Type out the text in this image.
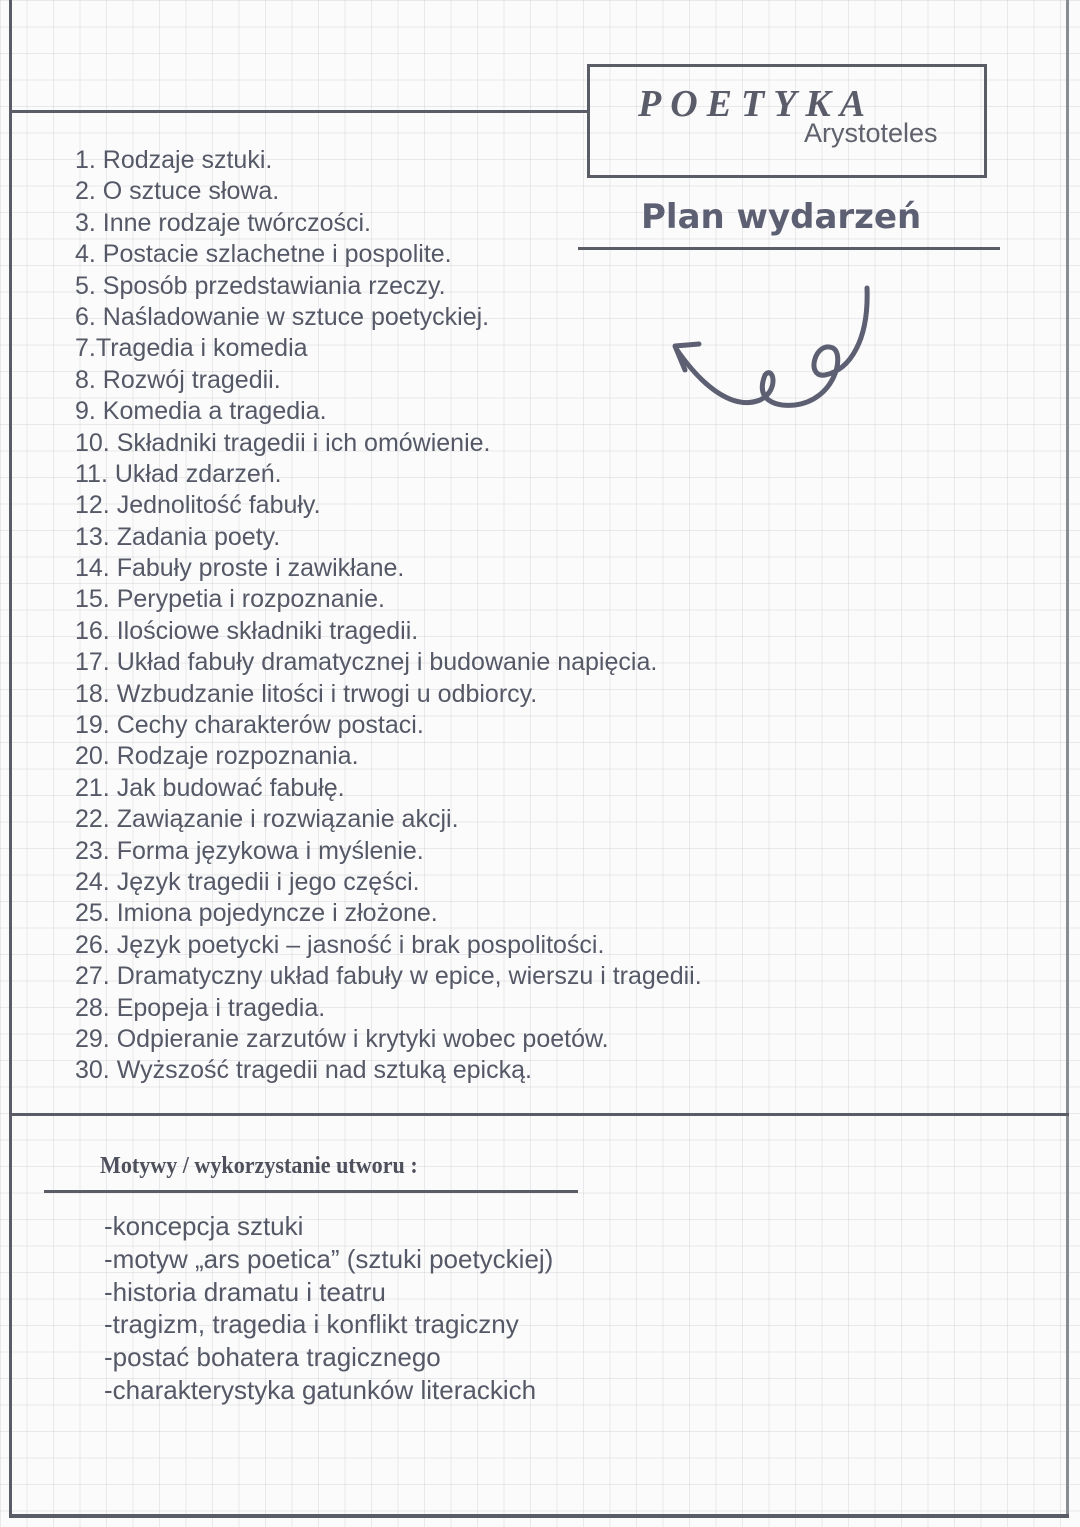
POETYKA
Arystoteles
Plan wydarzeń
1. Rodzaje sztuki.
2. O sztuce słowa.
3. Inne rodzaje twórczości.
4. Postacie szlachetne i pospolite.
5. Sposób przedstawiania rzeczy.
6. Naśladowanie w sztuce poetyckiej.
7.Tragedia i komedia
8. Rozwój tragedii.
9. Komedia a tragedia.
10. Składniki tragedii i ich omówienie.
11. Układ zdarzeń.
12. Jednolitość fabuły.
13. Zadania poety.
14. Fabuły proste i zawikłane.
15. Perypetia i rozpoznanie.
16. Ilościowe składniki tragedii.
17. Układ fabuły dramatycznej i budowanie napięcia.
18. Wzbudzanie litości i trwogi u odbiorcy.
19. Cechy charakterów postaci.
20. Rodzaje rozpoznania.
21. Jak budować fabułę.
22. Zawiązanie i rozwiązanie akcji.
23. Forma językowa i myślenie.
24. Język tragedii i jego części.
25. Imiona pojedyncze i złożone.
26. Język poetycki – jasność i brak pospolitości.
27. Dramatyczny układ fabuły w epice, wierszu i tragedii.
28. Epopeja i tragedia.
29. Odpieranie zarzutów i krytyki wobec poetów.
30. Wyższość tragedii nad sztuką epicką.
Motywy / wykorzystanie utworu :
-koncepcja sztuki
-motyw „ars poetica” (sztuki poetyckiej)
-historia dramatu i teatru
-tragizm, tragedia i konflikt tragiczny
-postać bohatera tragicznego
-charakterystyka gatunków literackich
